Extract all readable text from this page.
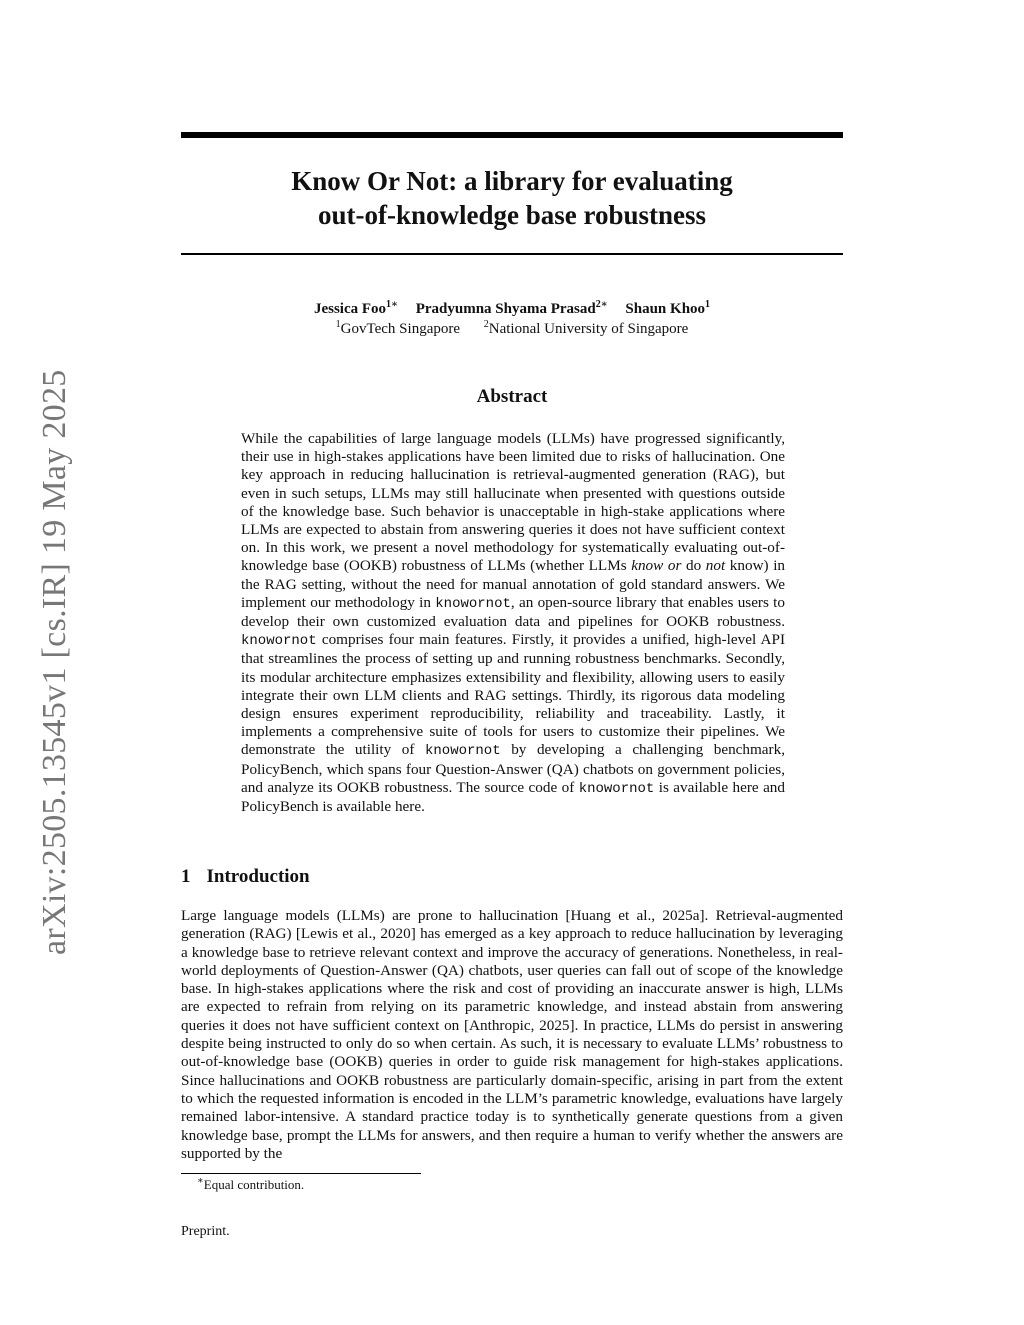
arXiv:2505.13545v1 [cs.IR] 19 May 2025
Know Or Not: a library for evaluating
out-of-knowledge base robustness
Jessica Foo$^{1∗}$ Pradyumna Shyama Prasad$^{2∗}$ Shaun Khoo$^1$
$^1$GovTech Singapore $^2$National University of Singapore
Abstract

While the capabilities of large language models (LLMs) have progressed significantly, their use in high-stakes applications have been limited due to risks of hallucination. One key approach in reducing hallucination is retrieval-augmented generation (RAG), but even in such setups, LLMs may still hallucinate when presented with questions outside of the knowledge base. Such behavior is unacceptable in high-stake applications where LLMs are expected to abstain from answering queries it does not have sufficient context on. In this work, we present a novel methodology for systematically evaluating out-of-knowledge base (OOKB) robustness of LLMs (whether LLMs know or do not know) in the RAG setting, without the need for manual annotation of gold standard answers. We implement our methodology in knowornot, an open-source library that enables users to develop their own customized evaluation data and pipelines for OOKB robustness. knowornot comprises four main features. Firstly, it provides a unified, high-level API that streamlines the process of setting up and running robustness benchmarks. Secondly, its modular architecture emphasizes extensibility and flexibility, allowing users to easily integrate their own LLM clients and RAG settings. Thirdly, its rigorous data modeling design ensures experiment reproducibility, reliability and traceability. Lastly, it implements a comprehensive suite of tools for users to customize their pipelines. We demonstrate the utility of knowornot by developing a challenging benchmark, PolicyBench, which spans four Question-Answer (QA) chatbots on government policies, and analyze its OOKB robustness. The source code of knowornot is available here and PolicyBench is available here.

1 Introduction

Large language models (LLMs) are prone to hallucination [Huang et al., 2025a]. Retrieval-augmented generation (RAG) [Lewis et al., 2020] has emerged as a key approach to reduce hallucination by leveraging a knowledge base to retrieve relevant context and improve the accuracy of generations. Nonetheless, in real-world deployments of Question-Answer (QA) chatbots, user queries can fall out of scope of the knowledge base. In high-stakes applications where the risk and cost of providing an inaccurate answer is high, LLMs are expected to refrain from relying on its parametric knowledge, and instead abstain from answering queries it does not have sufficient context on [Anthropic, 2025]. In practice, LLMs do persist in answering despite being instructed to only do so when certain. As such, it is necessary to evaluate LLMs’ robustness to out-of-knowledge base (OOKB) queries in order to guide risk management for high-stakes applications. Since hallucinations and OOKB robustness are particularly domain-specific, arising in part from the extent to which the requested information is encoded in the LLM’s parametric knowledge, evaluations have largely remained labor-intensive. A standard practice today is to synthetically generate questions from a given knowledge base, prompt the LLMs for answers, and then require a human to verify whether the answers are supported by the

∗Equal contribution.
Preprint.
